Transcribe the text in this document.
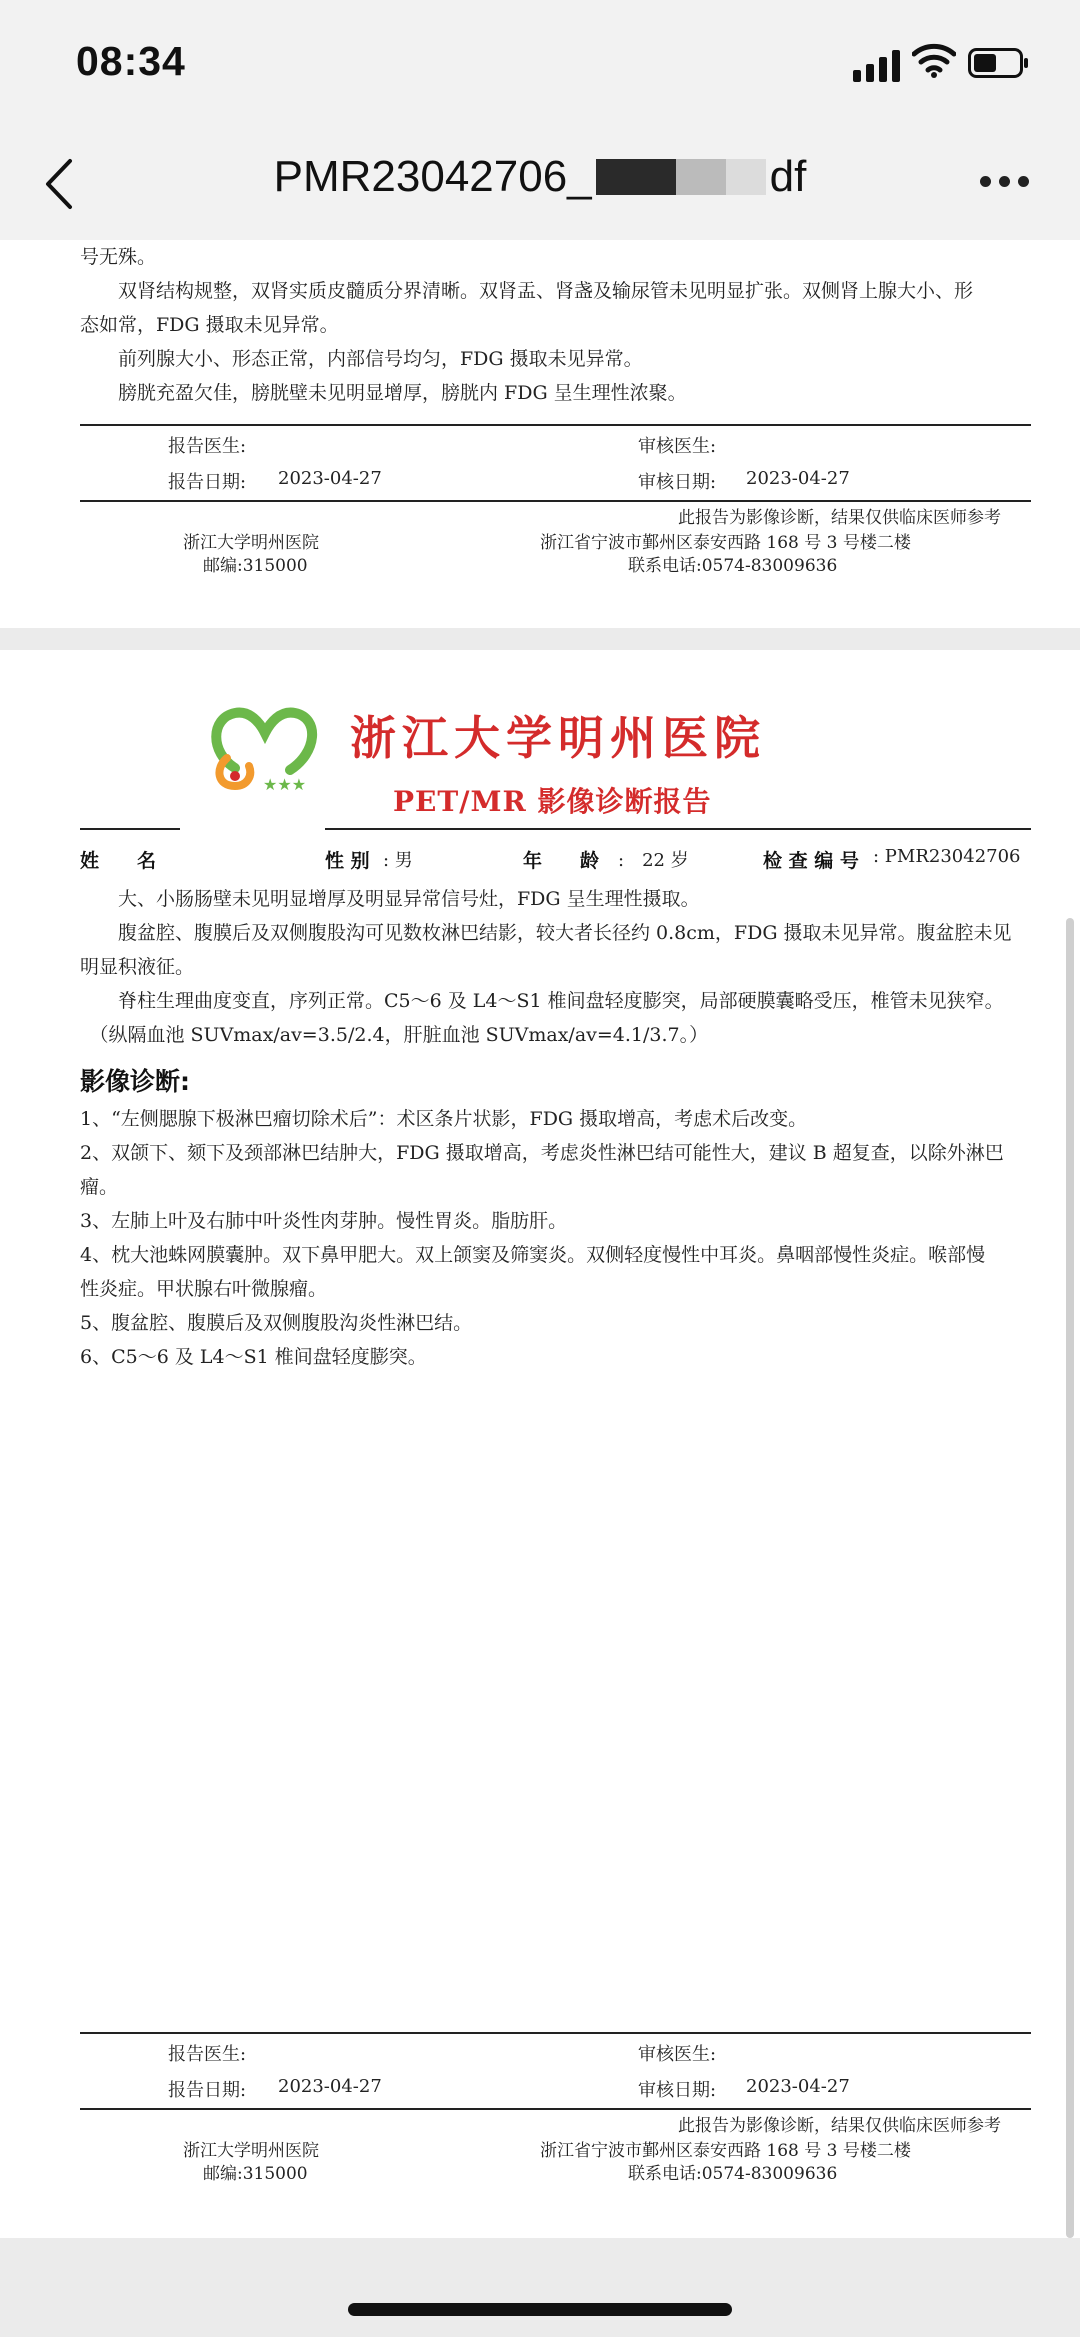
08:34
PMR23042706_	df
号无殊。
　　双肾结构规整，双肾实质皮髓质分界清晰。双肾盂、肾盏及输尿管未见明显扩张。双侧肾上腺大小、形
态如常，FDG 摄取未见异常。
　　前列腺大小、形态正常，内部信号均匀，FDG 摄取未见异常。
　　膀胱充盈欠佳，膀胱壁未见明显增厚，膀胱内 FDG 呈生理性浓聚。
报告医生:	审核医生:
报告日期: 2023-04-27	审核日期: 2023-04-27
此报告为影像诊断，结果仅供临床医师参考
浙江大学明州医院
邮编:315000
浙江省宁波市鄞州区泰安西路 168 号 3 号楼二楼
联系电话:0574-83009636
★★★
浙江大学明州医院
PET/MR 影像诊断报告
姓　　名	性 别 : 男	年　　龄 :　22 岁	检 查 编 号 : PMR23042706
　　大、小肠肠壁未见明显增厚及明显异常信号灶，FDG 呈生理性摄取。
　　腹盆腔、腹膜后及双侧腹股沟可见数枚淋巴结影，较大者长径约 0.8cm，FDG 摄取未见异常。腹盆腔未见
明显积液征。
　　脊柱生理曲度变直，序列正常。C5～6 及 L4～S1 椎间盘轻度膨突，局部硬膜囊略受压，椎管未见狭窄。
　（纵隔血池 SUVmax/av=3.5/2.4，肝脏血池 SUVmax/av=4.1/3.7。）
影像诊断:
1、“左侧腮腺下极淋巴瘤切除术后”：术区条片状影，FDG 摄取增高，考虑术后改变。
2、双颌下、颏下及颈部淋巴结肿大，FDG 摄取增高，考虑炎性淋巴结可能性大，建议 B 超复查，以除外淋巴
瘤。
3、左肺上叶及右肺中叶炎性肉芽肿。慢性胃炎。脂肪肝。
4、枕大池蛛网膜囊肿。双下鼻甲肥大。双上颌窦及筛窦炎。双侧轻度慢性中耳炎。鼻咽部慢性炎症。喉部慢
性炎症。甲状腺右叶微腺瘤。
5、腹盆腔、腹膜后及双侧腹股沟炎性淋巴结。
6、C5～6 及 L4～S1 椎间盘轻度膨突。
报告医生:	审核医生:
报告日期: 2023-04-27	审核日期: 2023-04-27
此报告为影像诊断，结果仅供临床医师参考
浙江大学明州医院
邮编:315000
浙江省宁波市鄞州区泰安西路 168 号 3 号楼二楼
联系电话:0574-83009636
